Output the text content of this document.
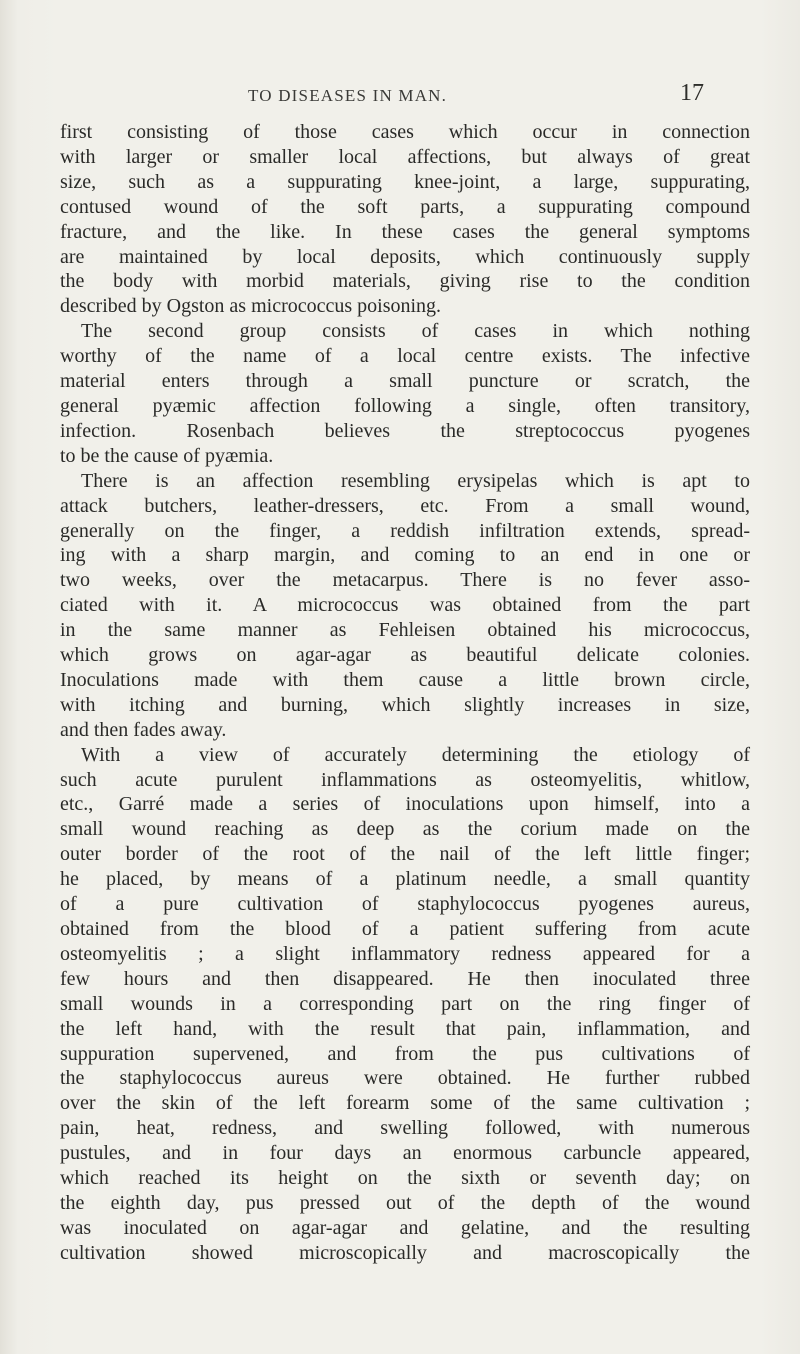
TO DISEASES IN MAN.	17
first consisting of those cases which occur in connection
with larger or smaller local affections, but always of great
size, such as a suppurating knee-joint, a large, suppurating,
contused wound of the soft parts, a suppurating compound
fracture, and the like. In these cases the general symptoms
are maintained by local deposits, which continuously supply
the body with morbid materials, giving rise to the condition
described by Ogston as micrococcus poisoning.
The second group consists of cases in which nothing
worthy of the name of a local centre exists. The infective
material enters through a small puncture or scratch, the
general pyæmic affection following a single, often transitory,
infection. Rosenbach believes the streptococcus pyogenes
to be the cause of pyæmia.
There is an affection resembling erysipelas which is apt to
attack butchers, leather-dressers, etc. From a small wound,
generally on the finger, a reddish infiltration extends, spread-
ing with a sharp margin, and coming to an end in one or
two weeks, over the metacarpus. There is no fever asso-
ciated with it. A micrococcus was obtained from the part
in the same manner as Fehleisen obtained his micrococcus,
which grows on agar-agar as beautiful delicate colonies.
Inoculations made with them cause a little brown circle,
with itching and burning, which slightly increases in size,
and then fades away.
With a view of accurately determining the etiology of
such acute purulent inflammations as osteomyelitis, whitlow,
etc., Garré made a series of inoculations upon himself, into a
small wound reaching as deep as the corium made on the
outer border of the root of the nail of the left little finger;
he placed, by means of a platinum needle, a small quantity
of a pure cultivation of staphylococcus pyogenes aureus,
obtained from the blood of a patient suffering from acute
osteomyelitis ; a slight inflammatory redness appeared for a
few hours and then disappeared. He then inoculated three
small wounds in a corresponding part on the ring finger of
the left hand, with the result that pain, inflammation, and
suppuration supervened, and from the pus cultivations of
the staphylococcus aureus were obtained. He further rubbed
over the skin of the left forearm some of the same cultivation ;
pain, heat, redness, and swelling followed, with numerous
pustules, and in four days an enormous carbuncle appeared,
which reached its height on the sixth or seventh day; on
the eighth day, pus pressed out of the depth of the wound
was inoculated on agar-agar and gelatine, and the resulting
cultivation showed microscopically and macroscopically the
